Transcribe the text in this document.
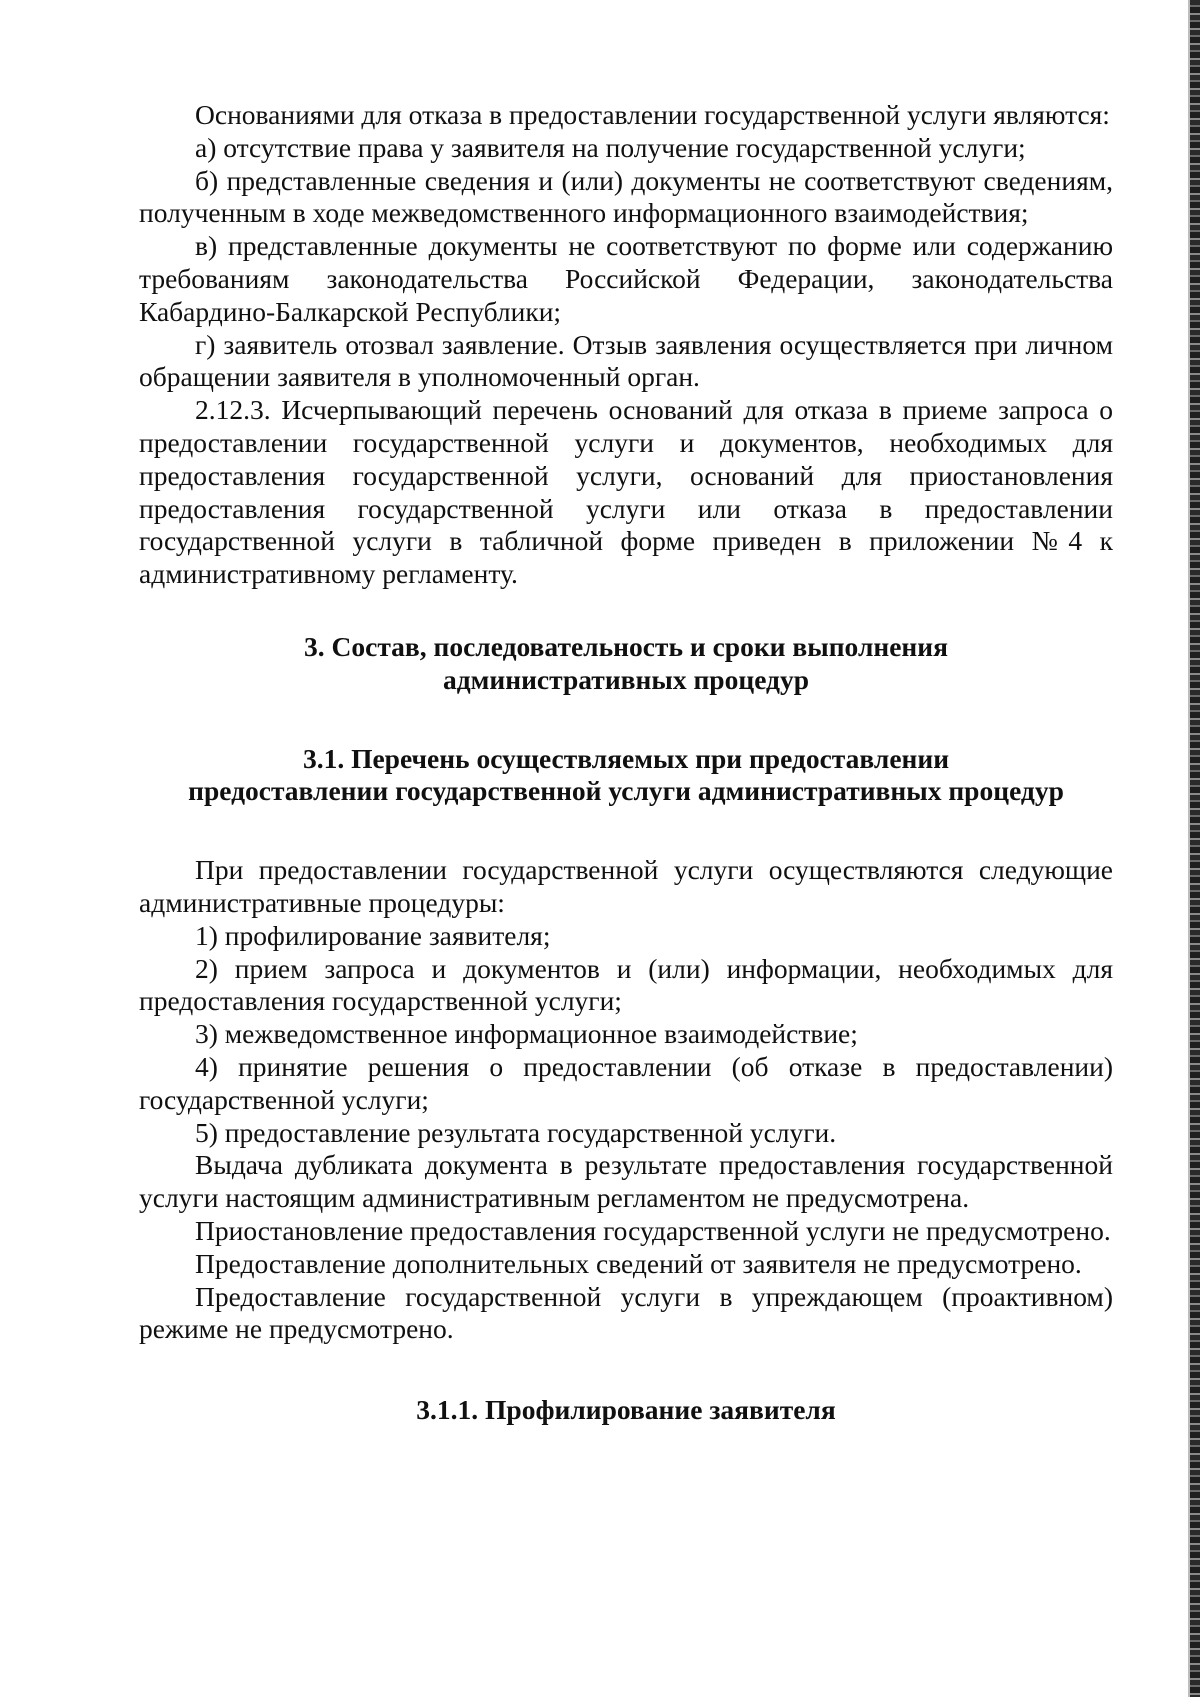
Основаниями для отказа в предоставлении государственной услуги являются:

а) отсутствие права у заявителя на получение государственной услуги;

б) представленные сведения и (или) документы не соответствуют сведениям, полученным в ходе межведомственного информационного взаимодействия;

в) представленные документы не соответствуют по форме или содержанию требованиям законодательства Российской Федерации, законодательства Кабардино-Балкарской Республики;

г) заявитель отозвал заявление. Отзыв заявления осуществляется при личном обращении заявителя в уполномоченный орган.

2.12.3. Исчерпывающий перечень оснований для отказа в приеме запроса о предоставлении государственной услуги и документов, необходимых для предоставления государственной услуги, оснований для приостановления предоставления государственной услуги или отказа в предоставлении государственной услуги в табличной форме приведен в приложении №4 к административному регламенту.

3. Состав, последовательность и сроки выполнения

административных процедур

3.1. Перечень осуществляемых при предоставлении

предоставлении государственной услуги административных процедур

При предоставлении государственной услуги осуществляются следующие административные процедуры:

1) профилирование заявителя;

2) прием запроса и документов и (или) информации, необходимых для предоставления государственной услуги;

3) межведомственное информационное взаимодействие;

4) принятие решения о предоставлении (об отказе в предоставлении) государственной услуги;

5) предоставление результата государственной услуги.

Выдача дубликата документа в результате предоставления государственной услуги настоящим административным регламентом не предусмотрена.

Приостановление предоставления государственной услуги не предусмотрено.

Предоставление дополнительных сведений от заявителя не предусмотрено.

Предоставление государственной услуги в упреждающем (проактивном) режиме не предусмотрено.

3.1.1. Профилирование заявителя
